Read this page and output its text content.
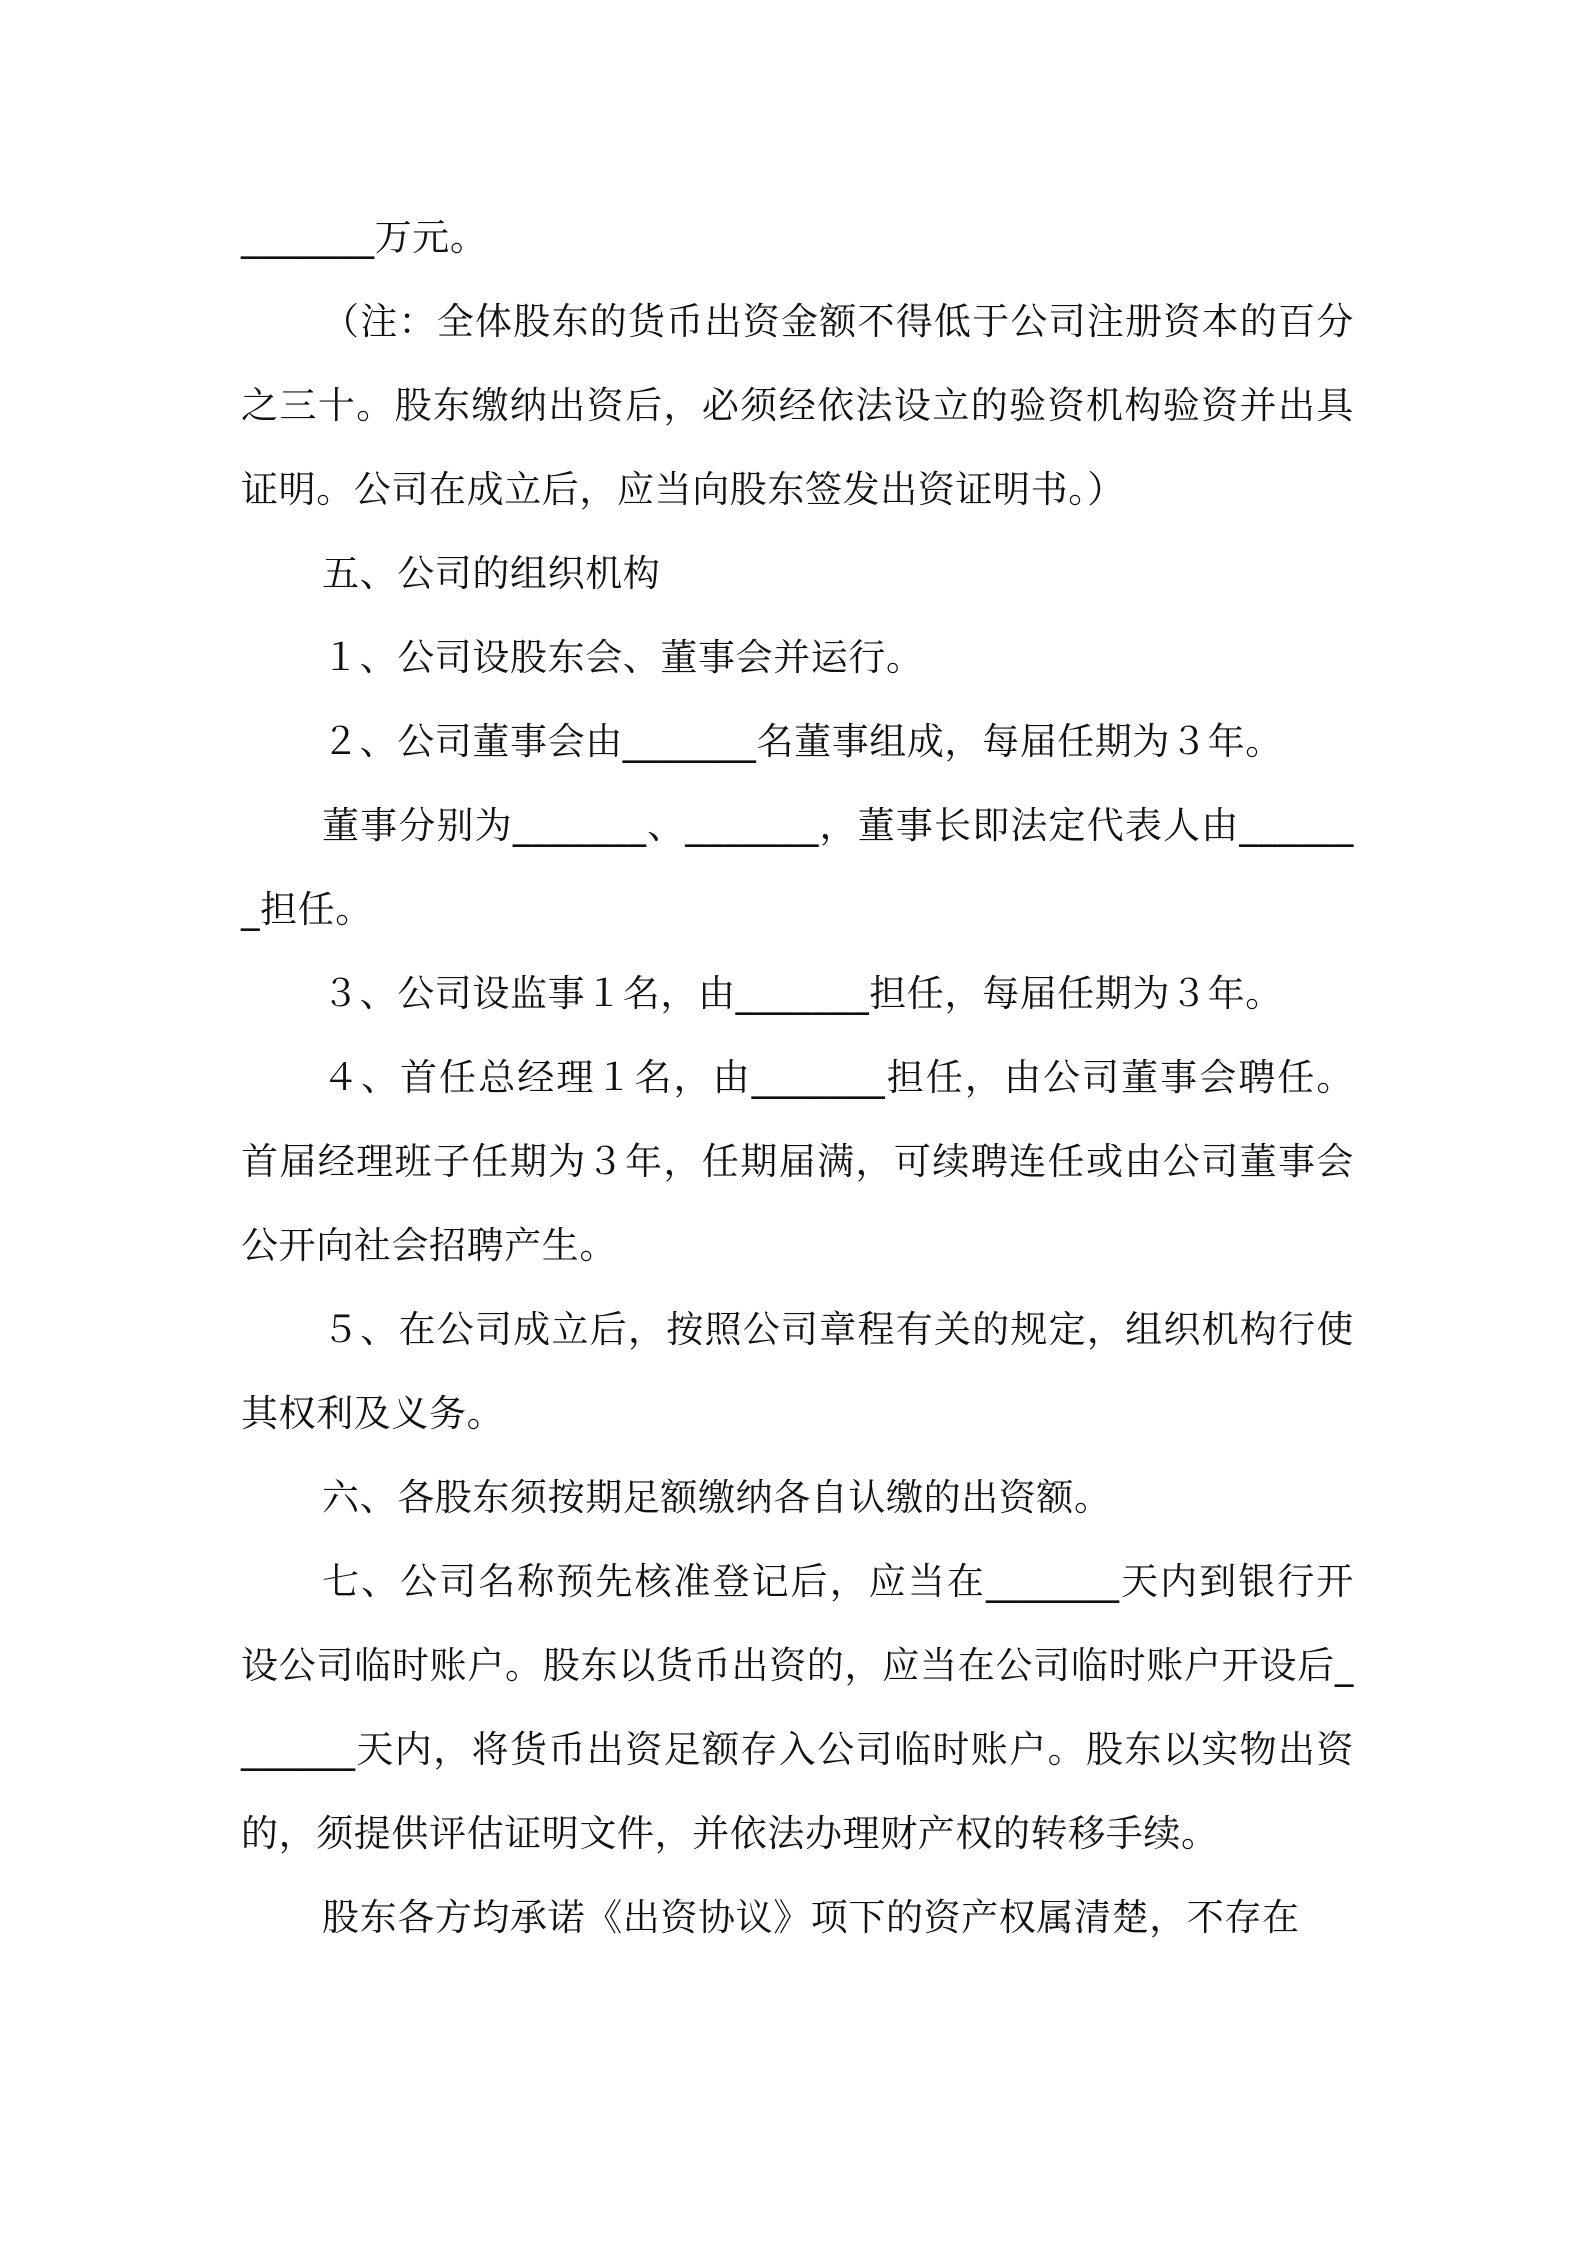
_______万元。

（注：全体股东的货币出资金额不得低于公司注册资本的百分之三十。股东缴纳出资后，必须经依法设立的验资机构验资并出具证明。公司在成立后，应当向股东签发出资证明书。）

五、公司的组织机构

１、公司设股东会、董事会并运行。

２、公司董事会由_______名董事组成，每届任期为３年。

董事分别为_______、_______，董事长即法定代表人由_______担任。

３、公司设监事１名，由_______担任，每届任期为３年。

４、首任总经理１名，由_______担任，由公司董事会聘任。首届经理班子任期为３年，任期届满，可续聘连任或由公司董事会公开向社会招聘产生。

５、在公司成立后，按照公司章程有关的规定，组织机构行使其权利及义务。

六、各股东须按期足额缴纳各自认缴的出资额。

七、公司名称预先核准登记后，应当在_______天内到银行开设公司临时账户。股东以货币出资的，应当在公司临时账户开设后_______天内，将货币出资足额存入公司临时账户。股东以实物出资的，须提供评估证明文件，并依法办理财产权的转移手续。

股东各方均承诺《出资协议》项下的资产权属清楚，不存在
